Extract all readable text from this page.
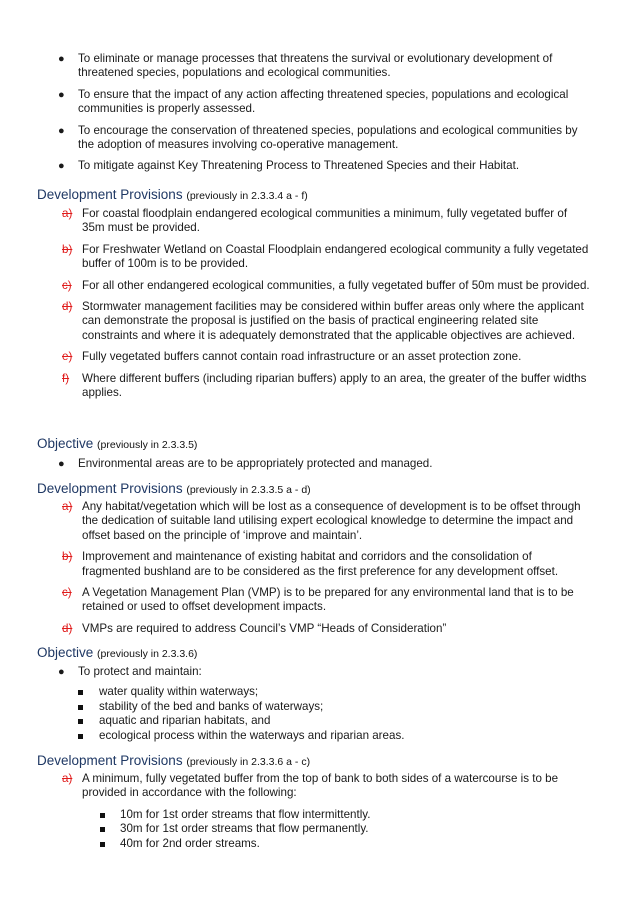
● To eliminate or manage processes that threatens the survival or evolutionary development of threatened species, populations and ecological communities.
● To ensure that the impact of any action affecting threatened species, populations and ecological communities is properly assessed.
● To encourage the conservation of threatened species, populations and ecological communities by the adoption of measures involving co-operative management.
● To mitigate against Key Threatening Process to Threatened Species and their Habitat.
Development Provisions (previously in 2.3.3.4 a - f)
a) For coastal floodplain endangered ecological communities a minimum, fully vegetated buffer of 35m must be provided.
b) For Freshwater Wetland on Coastal Floodplain endangered ecological community a fully vegetated buffer of 100m is to be provided.
c) For all other endangered ecological communities, a fully vegetated buffer of 50m must be provided.
d) Stormwater management facilities may be considered within buffer areas only where the applicant can demonstrate the proposal is justified on the basis of practical engineering related site constraints and where it is adequately demonstrated that the applicable objectives are achieved.
e) Fully vegetated buffers cannot contain road infrastructure or an asset protection zone.
f) Where different buffers (including riparian buffers) apply to an area, the greater of the buffer widths applies.
Objective (previously in 2.3.3.5)
● Environmental areas are to be appropriately protected and managed.
Development Provisions (previously in 2.3.3.5 a - d)
a) Any habitat/vegetation which will be lost as a consequence of development is to be offset through the dedication of suitable land utilising expert ecological knowledge to determine the impact and offset based on the principle of ‘improve and maintain’.
b) Improvement and maintenance of existing habitat and corridors and the consolidation of fragmented bushland are to be considered as the first preference for any development offset.
c) A Vegetation Management Plan (VMP) is to be prepared for any environmental land that is to be retained or used to offset development impacts.
d) VMPs are required to address Council’s VMP “Heads of Consideration”
Objective (previously in 2.3.3.6)
● To protect and maintain:
water quality within waterways;
stability of the bed and banks of waterways;
aquatic and riparian habitats, and
ecological process within the waterways and riparian areas.
Development Provisions (previously in 2.3.3.6 a - c)
a) A minimum, fully vegetated buffer from the top of bank to both sides of a watercourse is to be provided in accordance with the following:
10m for 1st order streams that flow intermittently.
30m for 1st order streams that flow permanently.
40m for 2nd order streams.
